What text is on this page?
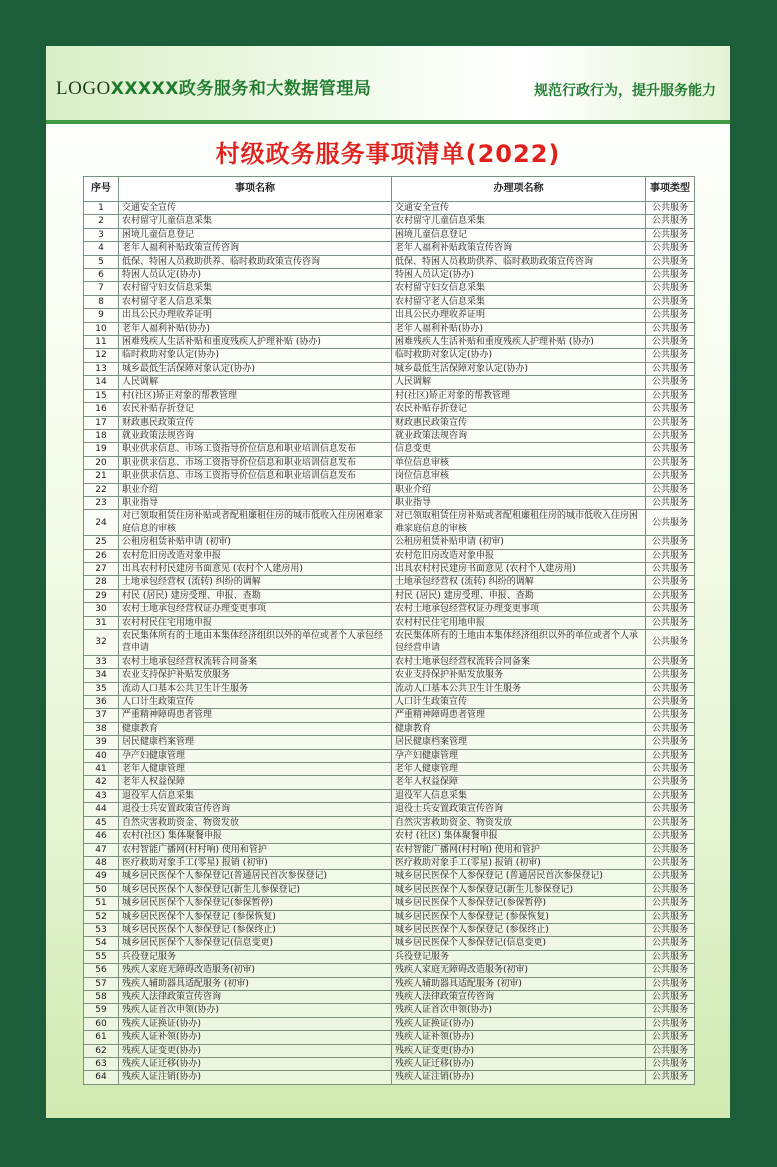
LOGOXXXXX政务服务和大数据管理局	规范行政行为，提升服务能力
村级政务服务事项清单(2022)
序号	事项名称	办理项名称	事项类型
1	交通安全宣传	交通安全宣传	公共服务
2	农村留守儿童信息采集	农村留守儿童信息采集	公共服务
3	困境儿童信息登记	困境儿童信息登记	公共服务
4	老年人福利补贴政策宣传咨询	老年人福利补贴政策宣传咨询	公共服务
5	低保、特困人员救助供养、临时救助政策宣传咨询	低保、特困人员救助供养、临时救助政策宣传咨询	公共服务
6	特困人员认定(协办)	特困人员认定(协办)	公共服务
7	农村留守妇女信息采集	农村留守妇女信息采集	公共服务
8	农村留守老人信息采集	农村留守老人信息采集	公共服务
9	出具公民办理收养证明	出具公民办理收养证明	公共服务
10	老年人福利补贴(协办)	老年人福利补贴(协办)	公共服务
11	困难残疾人生活补贴和重度残疾人护理补贴 (协办)	困难残疾人生活补贴和重度残疾人护理补贴 (协办)	公共服务
12	临时救助对象认定(协办)	临时救助对象认定(协办)	公共服务
13	城乡最低生活保障对象认定(协办)	城乡最低生活保障对象认定(协办)	公共服务
14	人民调解	人民调解	公共服务
15	村(社区)矫正对象的帮教管理	村(社区)矫正对象的帮教管理	公共服务
16	农民补贴存折登记	农民补贴存折登记	公共服务
17	财政惠民政策宣传	财政惠民政策宣传	公共服务
18	就业政策法规咨询	就业政策法规咨询	公共服务
19	职业供求信息、市场工资指导价位信息和职业培训信息发布	信息变更	公共服务
20	职业供求信息、市场工资指导价位信息和职业培训信息发布	单位信息审核	公共服务
21	职业供求信息、市场工资指导价位信息和职业培训信息发布	岗位信息审核	公共服务
22	职业介绍	职业介绍	公共服务
23	职业指导	职业指导	公共服务
24	对已领取租赁住房补贴或者配租廉租住房的城市低收入住房困难家庭信息的审核	对已领取租赁住房补贴或者配租廉租住房的城市低收入住房困难家庭信息的审核	公共服务
25	公租房租赁补贴申请 (初审)	公租房租赁补贴申请 (初审)	公共服务
26	农村危旧房改造对象申报	农村危旧房改造对象申报	公共服务
27	出具农村村民建房书面意见 (农村个人建房用)	出具农村村民建房书面意见 (农村个人建房用)	公共服务
28	土地承包经营权 (流转) 纠纷的调解	土地承包经营权 (流转) 纠纷的调解	公共服务
29	村民 (居民) 建房受理、申报、查勘	村民 (居民) 建房受理、申报、查勘	公共服务
30	农村土地承包经营权证办理变更事项	农村土地承包经营权证办理变更事项	公共服务
31	农村村民住宅用地申报	农村村民住宅用地申报	公共服务
32	农民集体所有的土地由本集体经济组织以外的单位或者个人承包经营申请	农民集体所有的土地由本集体经济组织以外的单位或者个人承包经营申请	公共服务
33	农村土地承包经营权流转合同备案	农村土地承包经营权流转合同备案	公共服务
34	农业支持保护补贴发放服务	农业支持保护补贴发放服务	公共服务
35	流动人口基本公共卫生计生服务	流动人口基本公共卫生计生服务	公共服务
36	人口计生政策宣传	人口计生政策宣传	公共服务
37	严重精神障碍患者管理	严重精神障碍患者管理	公共服务
38	健康教育	健康教育	公共服务
39	居民健康档案管理	居民健康档案管理	公共服务
40	孕产妇健康管理	孕产妇健康管理	公共服务
41	老年人健康管理	老年人健康管理	公共服务
42	老年人权益保障	老年人权益保障	公共服务
43	退役军人信息采集	退役军人信息采集	公共服务
44	退役士兵安置政策宣传咨询	退役士兵安置政策宣传咨询	公共服务
45	自然灾害救助资金、物资发放	自然灾害救助资金、物资发放	公共服务
46	农村(社区) 集体聚餐申报	农村 (社区) 集体聚餐申报	公共服务
47	农村智能广播网(村村响) 使用和管护	农村智能广播网(村村响) 使用和管护	公共服务
48	医疗救助对象手工(零星) 报销 (初审)	医疗救助对象手工(零星) 报销 (初审)	公共服务
49	城乡居民医保个人参保登记(普通居民首次参保登记)	城乡居民医保个人参保登记 (普通居民首次参保登记)	公共服务
50	城乡居民医保个人参保登记(新生儿参保登记)	城乡居民医保个人参保登记(新生儿参保登记)	公共服务
51	城乡居民医保个人参保登记(参保暂停)	城乡居民医保个人参保登记(参保暂停)	公共服务
52	城乡居民医保个人参保登记 (参保恢复)	城乡居民医保个人参保登记 (参保恢复)	公共服务
53	城乡居民医保个人参保登记 (参保终止)	城乡居民医保个人参保登记 (参保终止)	公共服务
54	城乡居民医保个人参保登记(信息变更)	城乡居民医保个人参保登记(信息变更)	公共服务
55	兵役登记服务	兵役登记服务	公共服务
56	残疾人家庭无障碍改造服务(初审)	残疾人家庭无障碍改造服务(初审)	公共服务
57	残疾人辅助器具适配服务 (初审)	残疾人辅助器具适配服务 (初审)	公共服务
58	残疾人法律政策宣传咨询	残疾人法律政策宣传咨询	公共服务
59	残疾人证首次申领(协办)	残疾人证首次申领(协办)	公共服务
60	残疾人证换证(协办)	残疾人证换证(协办)	公共服务
61	残疾人证补领(协办)	残疾人证补领(协办)	公共服务
62	残疾人证变更(协办)	残疾人证变更(协办)	公共服务
63	残疾人证迁移(协办)	残疾人证迁移(协办)	公共服务
64	残疾人证注销(协办)	残疾人证注销(协办)	公共服务
